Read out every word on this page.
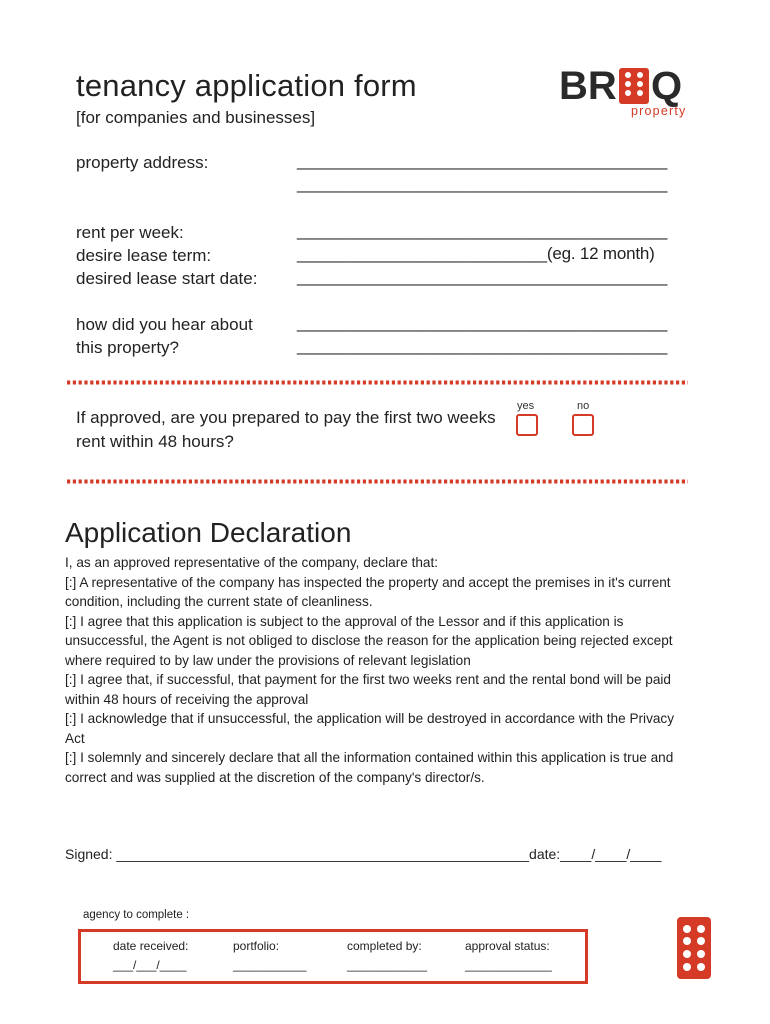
tenancy application form
[for companies and businesses]
BR Q
property
property address:	________________________________________
________________________________________
rent per week:	________________________________________
desire lease term:	___________________________(eg. 12 month)
desired lease start date: ________________________________________
how did you hear about
this property?
________________________________________
________________________________________
If approved, are you prepared to pay the first two weeks rent within 48 hours?
yes	no
Application Declaration

I, as an approved representative of the company, declare that:

[:] A representative of the company has inspected the property and accept the premises in it's current condition, including the current state of cleanliness.

[:] I agree that this application is subject to the approval of the Lessor and if this application is unsuccessful, the Agent is not obliged to disclose the reason for the application being rejected except where required to by law under the provisions of relevant legislation

[:] I agree that, if successful, that payment for the first two weeks rent and the rental bond will be paid within 48 hours of receiving the approval

[:] I acknowledge that if unsuccessful, the application will be destroyed in accordance with the Privacy Act

[:] I solemnly and sincerely declare that all the information contained within this application is true and correct and was supplied at the discretion of the company's director/s.

Signed: _____________________________________________________date:____/____/____
agency to complete :
date received:
___/___/____
portfolio:
___________
completed by:
____________
approval status:
_____________
